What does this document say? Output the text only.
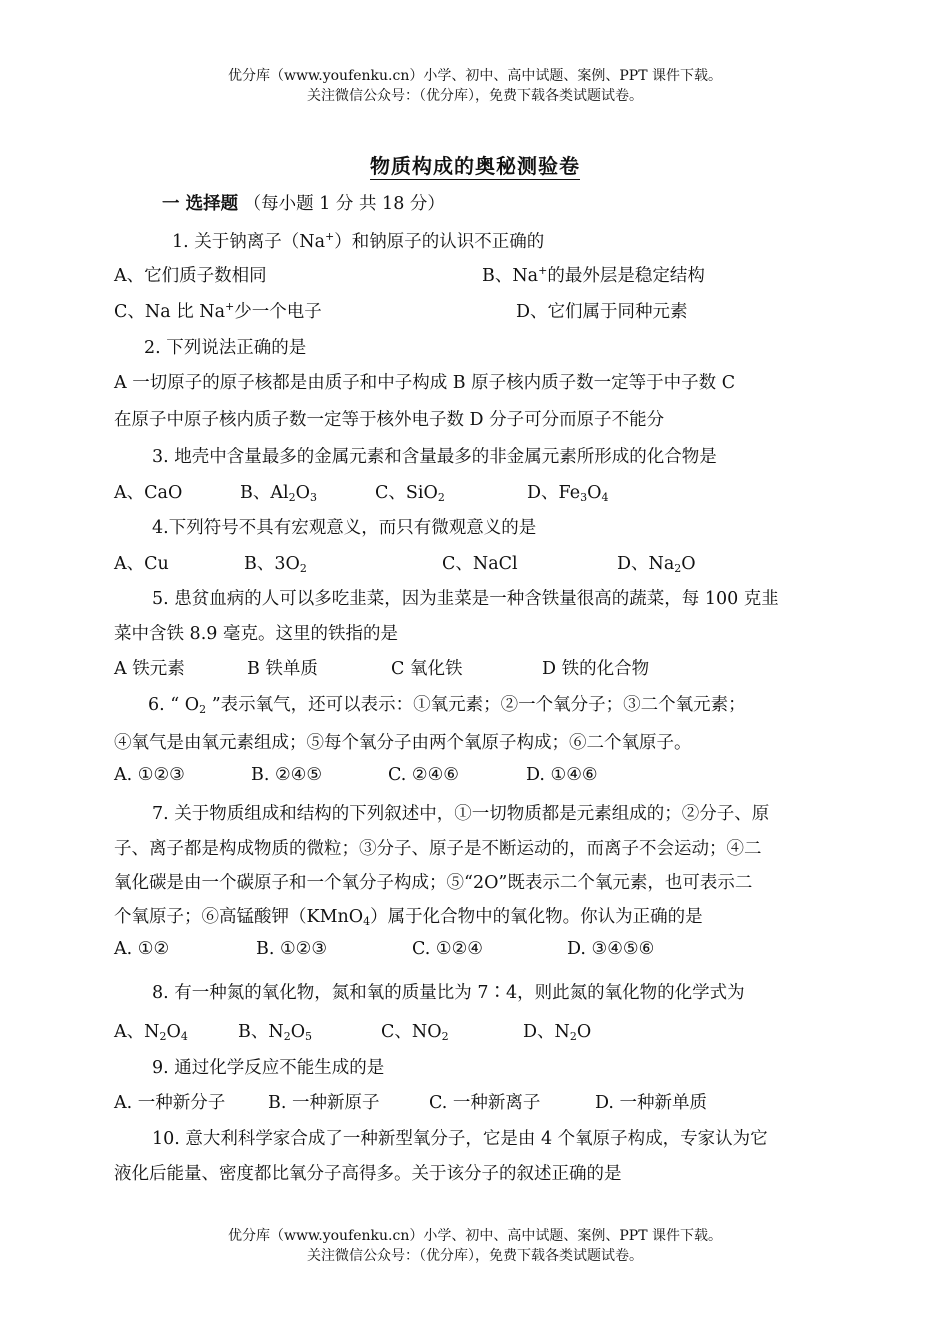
优分库（www.youfenku.cn）小学、初中、高中试题、案例、PPT 课件下载。
关注微信公众号：（优分库），免费下载各类试题试卷。
物质构成的奥秘测验卷
一 选择题 （每小题 1 分 共 18 分）
1. 关于钠离子（Na+）和钠原子的认识不正确的
A、它们质子数相同	B、Na+的最外层是稳定结构
C、Na 比 Na+少一个电子	D、它们属于同种元素
2. 下列说法正确的是
A 一切原子的原子核都是由质子和中子构成 B 原子核内质子数一定等于中子数 C
在原子中原子核内质子数一定等于核外电子数 D 分子可分而原子不能分
3. 地壳中含量最多的金属元素和含量最多的非金属元素所形成的化合物是
A、CaO	B、$Al_2O_3$	C、SiO$_2$	D、$Fe_3O_4$
4.下列符号不具有宏观意义，而只有微观意义的是
A、Cu	B、$3O_2$	C、NaCl	D、$Na_2O$
5. 患贫血病的人可以多吃韭菜，因为韭菜是一种含铁量很高的蔬菜，每 100 克韭
菜中含铁 8.9 毫克。这里的铁指的是
A 铁元素	B 铁单质	C 氧化铁	D 铁的化合物
6. “ $O_2$ ”表示氧气，还可以表示：①氧元素；②一个氧分子；③二个氧元素；
④氧气是由氧元素组成；⑤每个氧分子由两个氧原子构成；⑥二个氧原子。
A. ①②③	B. ②④⑤	C. ②④⑥	D. ①④⑥
7. 关于物质组成和结构的下列叙述中，①一切物质都是元素组成的；②分子、原
子、离子都是构成物质的微粒；③分子、原子是不断运动的，而离子不会运动；④二
氧化碳是由一个碳原子和一个氧分子构成；⑤“2O”既表示二个氧元素，也可表示二
个氧原子；⑥高锰酸钾（KMnO$_4$）属于化合物中的氧化物。你认为正确的是
A. ①②	B. ①②③	C. ①②④	D. ③④⑤⑥
8. 有一种氮的氧化物，氮和氧的质量比为 7∶4，则此氮的氧化物的化学式为
A、$N_2O_4$	B、$N_2O_5$	C、$NO_2$	D、$N_2O$
9. 通过化学反应不能生成的是
A. 一种新分子 B. 一种新原子	C. 一种新离子	D. 一种新单质
10. 意大利科学家合成了一种新型氧分子，它是由 4 个氧原子构成，专家认为它
液化后能量、密度都比氧分子高得多。关于该分子的叙述正确的是
优分库（www.youfenku.cn）小学、初中、高中试题、案例、PPT 课件下载。
关注微信公众号：（优分库），免费下载各类试题试卷。
